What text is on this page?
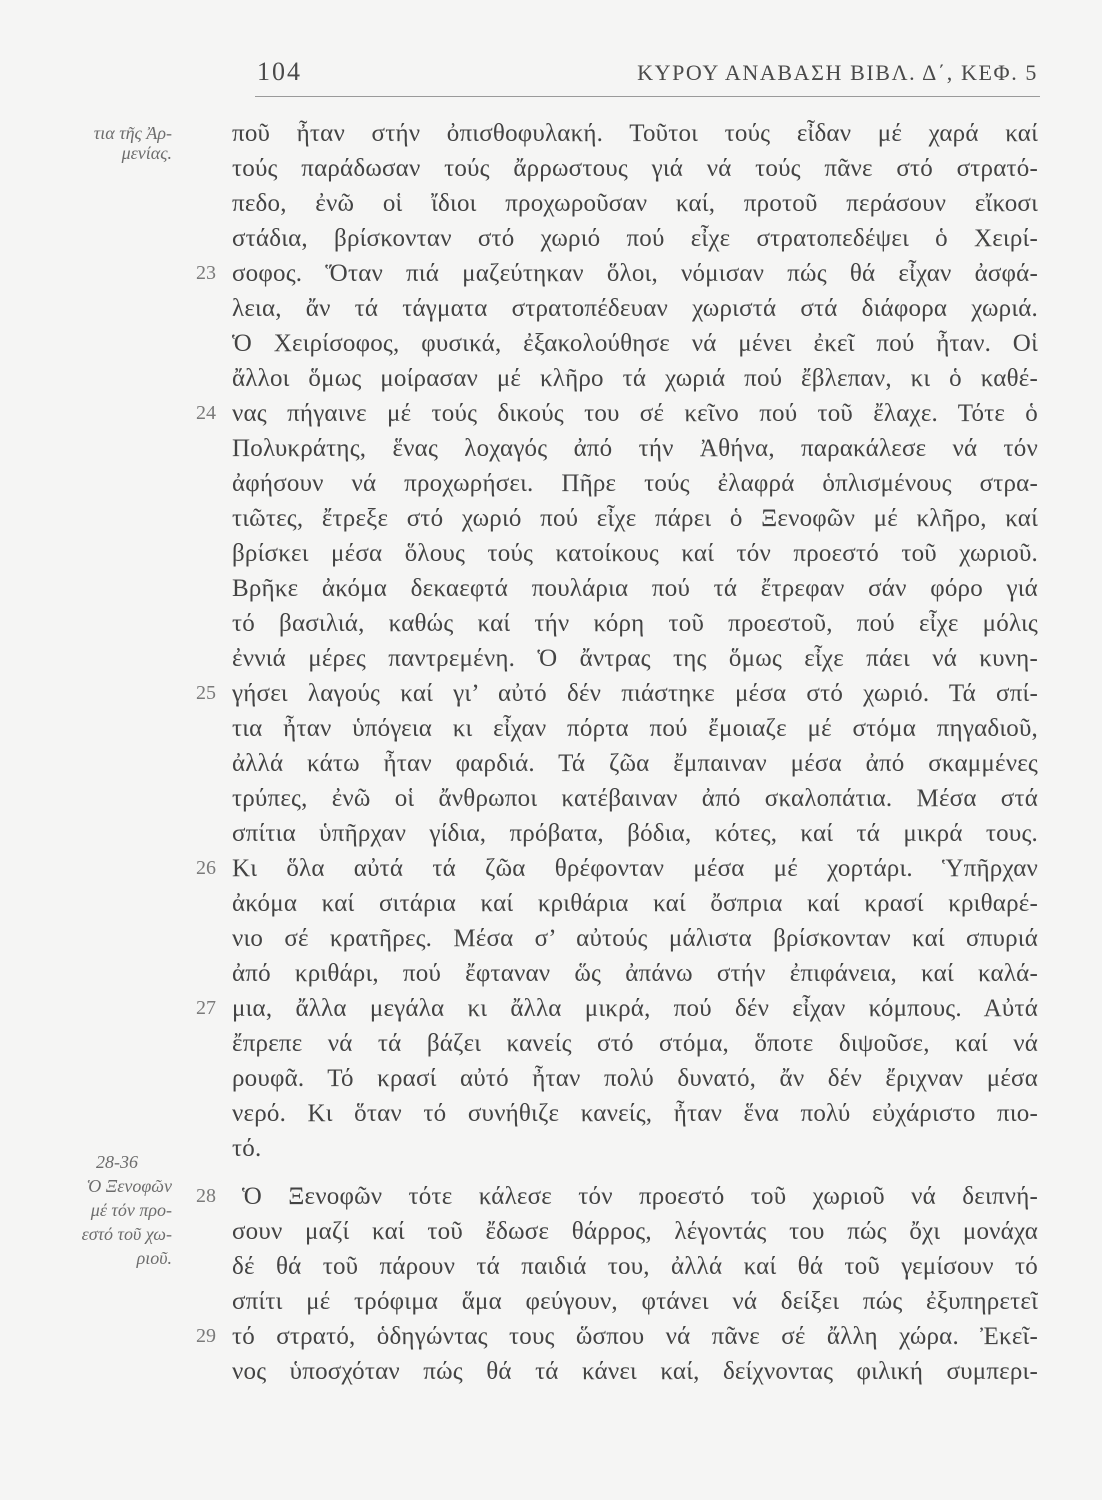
104	ΚΥΡΟΥ ΑΝΑΒΑΣΗ ΒΙΒΛ. Δ΄, ΚΕΦ. 5
τια τῆς Ἀρ-
μενίας.
28-36
Ὁ Ξενοφῶν
μέ τόν προ-
εστό τοῦ χω-
ριοῦ.
ποῦ ἦταν στήν ὀπισθοφυλακή. Τοῦτοι τούς εἶδαν μέ χαρά καί
τούς παράδωσαν τούς ἄρρωστους γιά νά τούς πᾶνε στό στρατό-
πεδο, ἐνῶ οἱ ἴδιοι προχωροῦσαν καί, προτοῦ περάσουν εἴκοσι
στάδια, βρίσκονταν στό χωριό πού εἶχε στρατοπεδέψει ὁ Χειρί-
23 σοφος. Ὅταν πιά μαζεύτηκαν ὅλοι, νόμισαν πώς θά εἶχαν ἀσφά-
λεια, ἄν τά τάγματα στρατοπέδευαν χωριστά στά διάφορα χωριά.
Ὁ Χειρίσοφος, φυσικά, ἐξακολούθησε νά μένει ἐκεῖ πού ἦταν. Οἱ
ἄλλοι ὅμως μοίρασαν μέ κλῆρο τά χωριά πού ἔβλεπαν, κι ὁ καθέ-
24 νας πήγαινε μέ τούς δικούς του σέ κεῖνο πού τοῦ ἔλαχε. Τότε ὁ
Πολυκράτης, ἕνας λοχαγός ἀπό τήν Ἀθήνα, παρακάλεσε νά τόν
ἀφήσουν νά προχωρήσει. Πῆρε τούς ἐλαφρά ὁπλισμένους στρα-
τιῶτες, ἔτρεξε στό χωριό πού εἶχε πάρει ὁ Ξενοφῶν μέ κλῆρο, καί
βρίσκει μέσα ὅλους τούς κατοίκους καί τόν προεστό τοῦ χωριοῦ.
Βρῆκε ἀκόμα δεκαεφτά πουλάρια πού τά ἔτρεφαν σάν φόρο γιά
τό βασιλιά, καθώς καί τήν κόρη τοῦ προεστοῦ, πού εἶχε μόλις
ἐννιά μέρες παντρεμένη. Ὁ ἄντρας της ὅμως εἶχε πάει νά κυνη-
25 γήσει λαγούς καί γι’ αὐτό δέν πιάστηκε μέσα στό χωριό. Τά σπί-
τια ἦταν ὑπόγεια κι εἶχαν πόρτα πού ἔμοιαζε μέ στόμα πηγαδιοῦ,
ἀλλά κάτω ἦταν φαρδιά. Τά ζῶα ἔμπαιναν μέσα ἀπό σκαμμένες
τρύπες, ἐνῶ οἱ ἄνθρωποι κατέβαιναν ἀπό σκαλοπάτια. Μέσα στά
σπίτια ὑπῆρχαν γίδια, πρόβατα, βόδια, κότες, καί τά μικρά τους.
26 Κι ὅλα αὐτά τά ζῶα θρέφονταν μέσα μέ χορτάρι. Ὑπῆρχαν
ἀκόμα καί σιτάρια καί κριθάρια καί ὄσπρια καί κρασί κριθαρέ-
νιο σέ κρατῆρες. Μέσα σ’ αὐτούς μάλιστα βρίσκονταν καί σπυριά
ἀπό κριθάρι, πού ἔφταναν ὥς ἀπάνω στήν ἐπιφάνεια, καί καλά-
27 μια, ἄλλα μεγάλα κι ἄλλα μικρά, πού δέν εἶχαν κόμπους. Αὐτά
ἔπρεπε νά τά βάζει κανείς στό στόμα, ὅποτε διψοῦσε, καί νά
ρουφᾶ. Τό κρασί αὐτό ἦταν πολύ δυνατό, ἄν δέν ἔριχναν μέσα
νερό. Κι ὅταν τό συνήθιζε κανείς, ἦταν ἕνα πολύ εὐχάριστο πιο-
τό.
28 Ὁ Ξενοφῶν τότε κάλεσε τόν προεστό τοῦ χωριοῦ νά δειπνή-
σουν μαζί καί τοῦ ἔδωσε θάρρος, λέγοντάς του πώς ὄχι μονάχα
δέ θά τοῦ πάρουν τά παιδιά του, ἀλλά καί θά τοῦ γεμίσουν τό
σπίτι μέ τρόφιμα ἅμα φεύγουν, φτάνει νά δείξει πώς ἐξυπηρετεῖ
29 τό στρατό, ὁδηγώντας τους ὥσπου νά πᾶνε σέ ἄλλη χώρα. Ἐκεῖ-
νος ὑποσχόταν πώς θά τά κάνει καί, δείχνοντας φιλική συμπερι-
